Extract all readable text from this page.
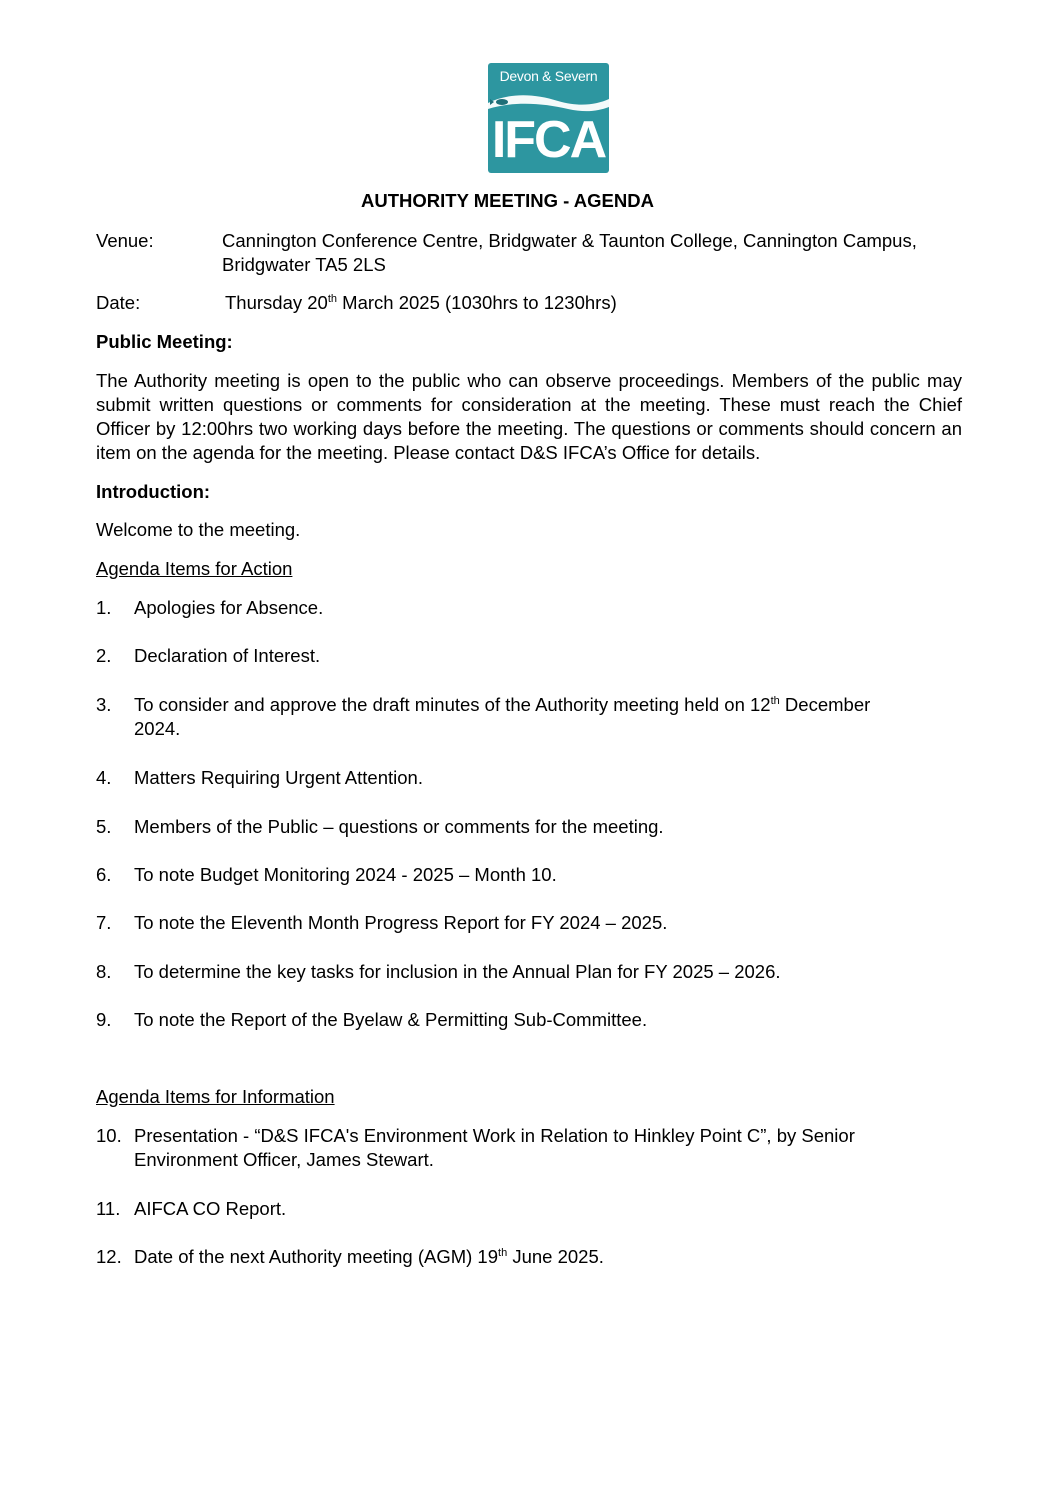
Devon & Severn
IFCA
AUTHORITY MEETING - AGENDA
Venue:	Cannington Conference Centre, Bridgwater & Taunton College, Cannington Campus,
Bridgwater TA5 2LS
Date:	Thursday 20th March 2025 (1030hrs to 1230hrs)
Public Meeting:
The Authority meeting is open to the public who can observe proceedings. Members of the public may submit written questions or comments for consideration at the meeting. These must reach the Chief Officer by 12:00hrs two working days before the meeting. The questions or comments should concern an item on the agenda for the meeting. Please contact D&S IFCA’s Office for details.
Introduction:
Welcome to the meeting.
Agenda Items for Action
1. Apologies for Absence.
2. Declaration of Interest.
3. To consider and approve the draft minutes of the Authority meeting held on 12th December
2024.
4. Matters Requiring Urgent Attention.
5. Members of the Public – questions or comments for the meeting.
6. To note Budget Monitoring 2024 - 2025 – Month 10.
7. To note the Eleventh Month Progress Report for FY 2024 – 2025.
8. To determine the key tasks for inclusion in the Annual Plan for FY 2025 – 2026.
9. To note the Report of the Byelaw & Permitting Sub-Committee.
Agenda Items for Information
10. Presentation - “D&S IFCA's Environment Work in Relation to Hinkley Point C”, by Senior
Environment Officer, James Stewart.
11. AIFCA CO Report.
12. Date of the next Authority meeting (AGM) 19th June 2025.
